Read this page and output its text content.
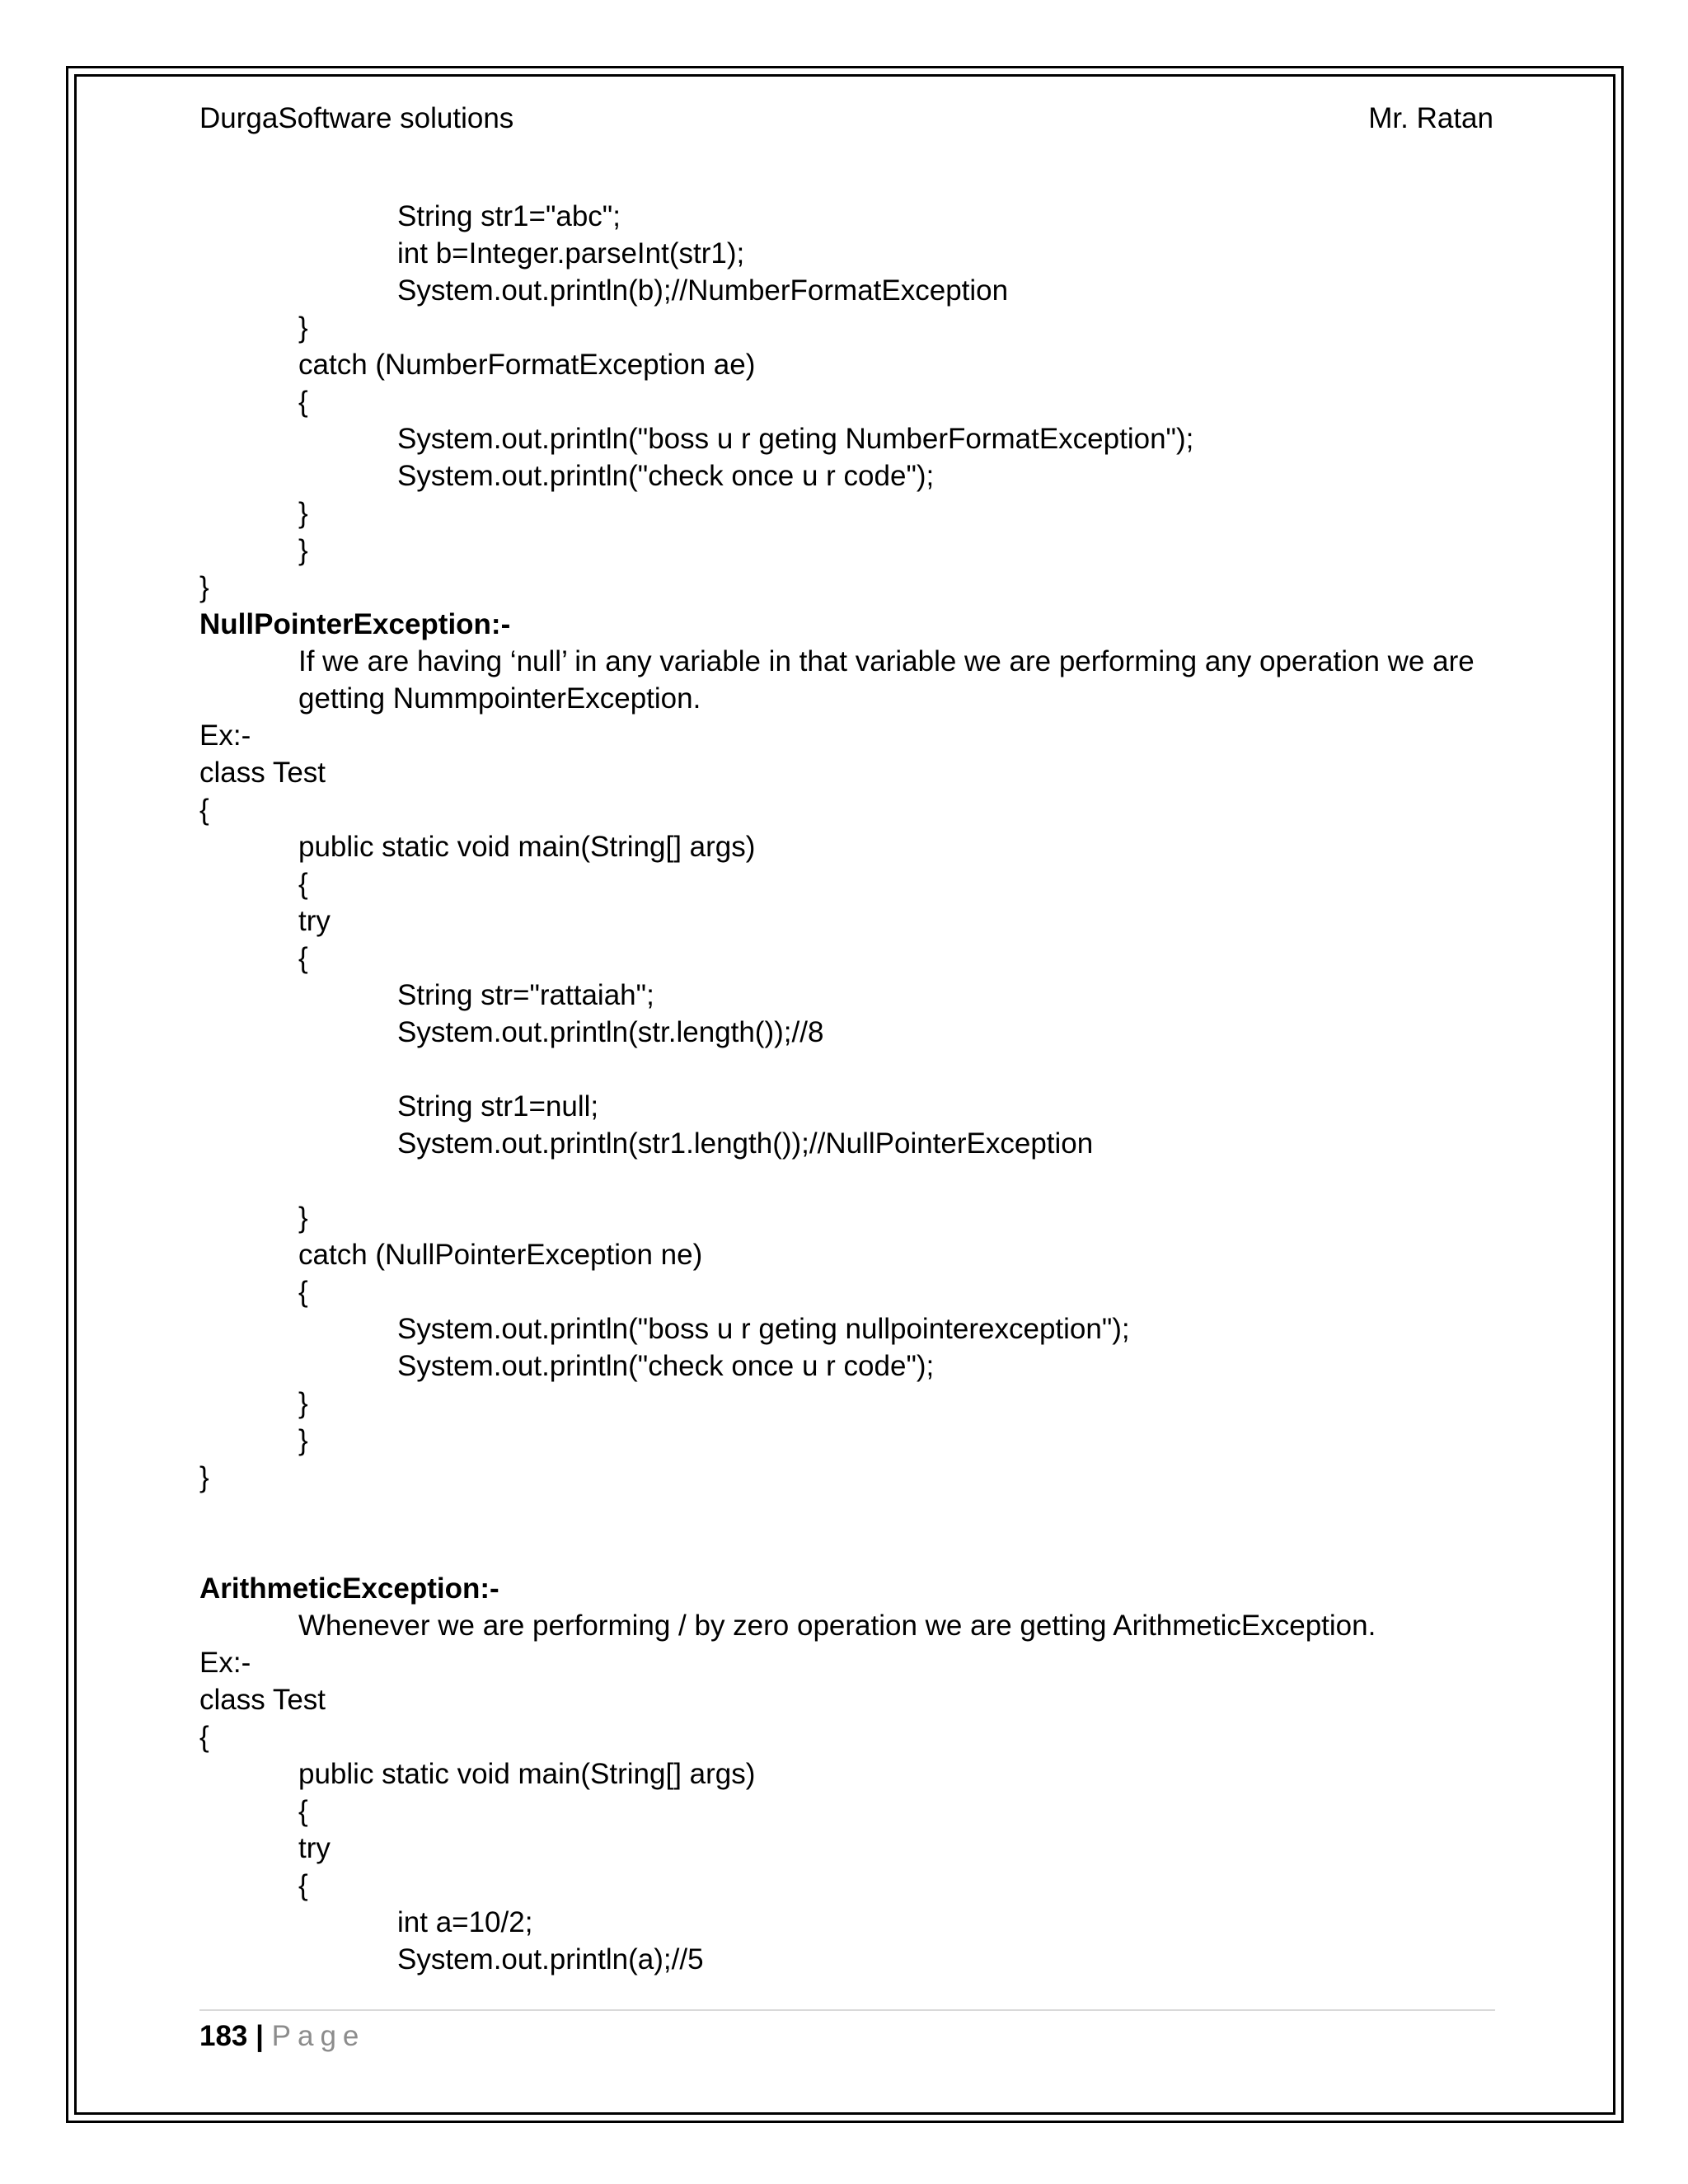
DurgaSoftware solutions	Mr. Ratan
String str1="abc";
int b=Integer.parseInt(str1);
System.out.println(b);//NumberFormatException
}
catch (NumberFormatException ae)
{
System.out.println("boss u r geting NumberFormatException");
System.out.println("check once u r code");
}
}
}
NullPointerException:-
If we are having ‘null’ in any variable in that variable we are performing any operation we are
getting NummpointerException.
Ex:-
class Test
{
public static void main(String[] args)
{
try
{
String str="rattaiah";
System.out.println(str.length());//8
String str1=null;
System.out.println(str1.length());//NullPointerException
}
catch (NullPointerException ne)
{
System.out.println("boss u r geting nullpointerexception");
System.out.println("check once u r code");
}
}
}
ArithmeticException:-
Whenever we are performing / by zero operation we are getting ArithmeticException.
Ex:-
class Test
{
public static void main(String[] args)
{
try
{
int a=10/2;
System.out.println(a);//5
183 | Page
